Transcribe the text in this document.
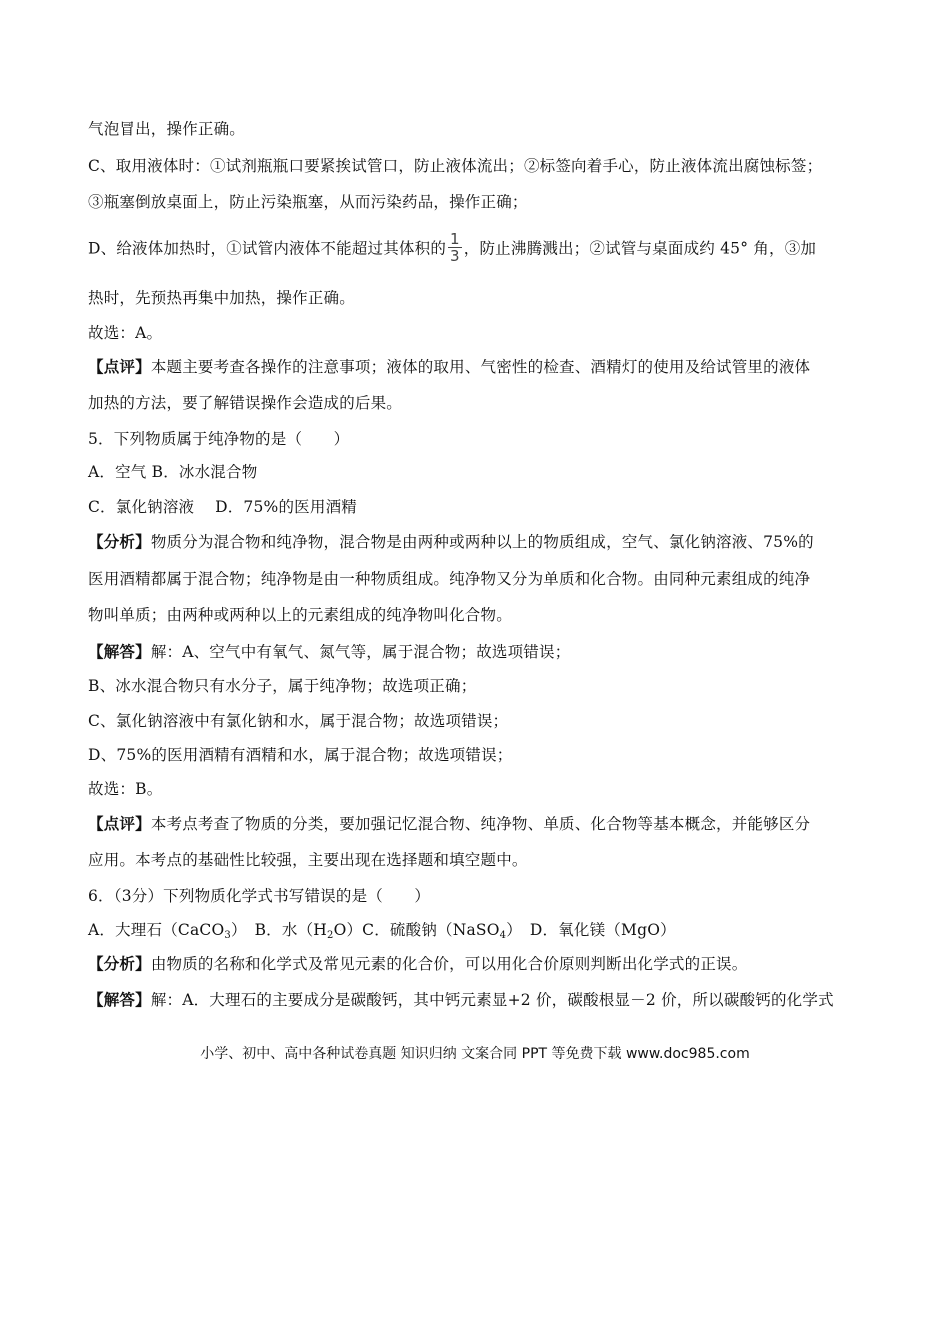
气泡冒出，操作正确。
C、取用液体时：①试剂瓶瓶口要紧挨试管口，防止液体流出；②标签向着手心，防止液体流出腐蚀标签；
③瓶塞倒放桌面上，防止污染瓶塞，从而污染药品，操作正确；
D、给液体加热时，①试管内液体不能超过其体积的 $\frac{1}{3}$ ，防止沸腾溅出；②试管与桌面成约 45° 角，③加
热时，先预热再集中加热，操作正确。
故选：A。
【点评】本题主要考查各操作的注意事项；液体的取用、气密性的检查、酒精灯的使用及给试管里的液体
加热的方法，要了解错误操作会造成的后果。
5．下列物质属于纯净物的是（　　）
A．空气 B．冰水混合物
C．氯化钠溶液　 D．75%的医用酒精
【分析】物质分为混合物和纯净物，混合物是由两种或两种以上的物质组成，空气、氯化钠溶液、75%的
医用酒精都属于混合物；纯净物是由一种物质组成。纯净物又分为单质和化合物。由同种元素组成的纯净
物叫单质；由两种或两种以上的元素组成的纯净物叫化合物。
【解答】解：A、空气中有氧气、氮气等，属于混合物；故选项错误；
B、冰水混合物只有水分子，属于纯净物；故选项正确；
C、氯化钠溶液中有氯化钠和水，属于混合物；故选项错误；
D、75%的医用酒精有酒精和水，属于混合物；故选项错误；
故选：B。
【点评】本考点考查了物质的分类，要加强记忆混合物、纯净物、单质、化合物等基本概念，并能够区分
应用。本考点的基础性比较强，主要出现在选择题和填空题中。
6．（3分）下列物质化学式书写错误的是（　　）
A．大理石（CaCO$_3$）　B．水$(H_2O)C$．硫酸钠（NaSO$_4$）　D．氧化镁（MgO）
【分析】由物质的名称和化学式及常见元素的化合价，可以用化合价原则判断出化学式的正误。
【解答】解：A．大理石的主要成分是碳酸钙，其中钙元素显+2 价，碳酸根显－2 价，所以碳酸钙的化学式
小学、初中、高中各种试卷真题 知识归纳 文案合同 PPT 等免费下载 www.doc985.com
